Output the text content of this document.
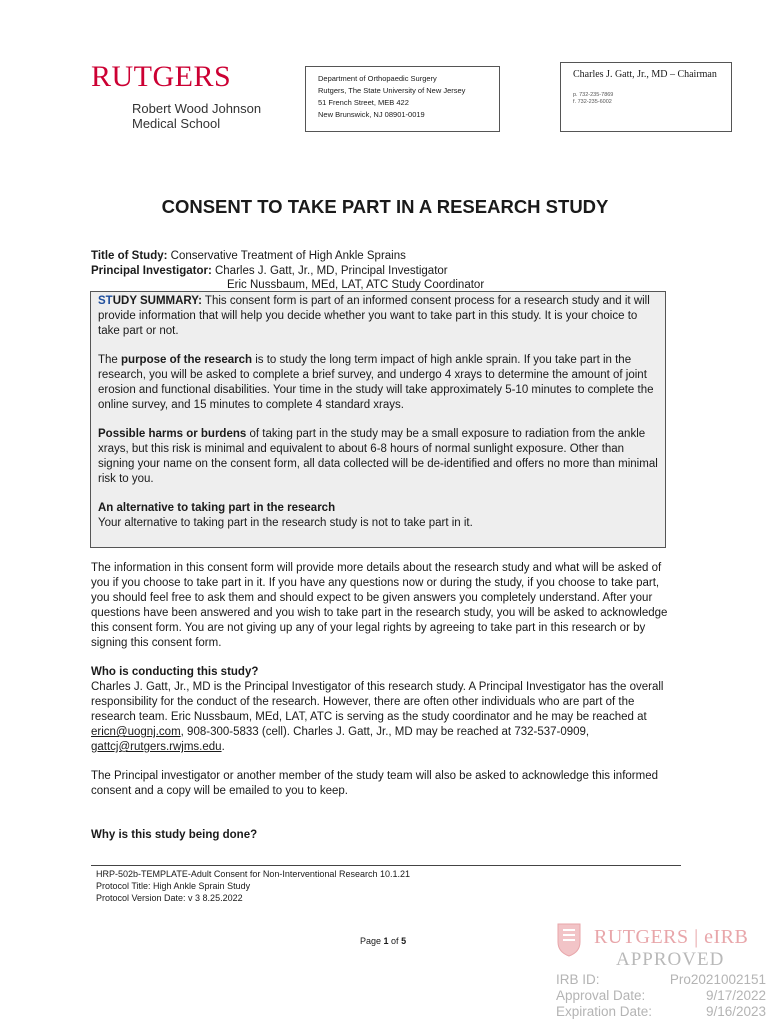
RUTGERS
Robert Wood Johnson
Medical School
Department of Orthopaedic Surgery
Rutgers, The State University of New Jersey
51 French Street, MEB 422
New Brunswick, NJ 08901-0019
Charles J. Gatt, Jr., MD – Chairman
p. 732-235-7869
f. 732-235-6002
CONSENT TO TAKE PART IN A RESEARCH STUDY
Title of Study: Conservative Treatment of High Ankle Sprains
Principal Investigator: Charles J. Gatt, Jr., MD, Principal Investigator
Eric Nussbaum, MEd, LAT, ATC Study Coordinator

STUDY SUMMARY: This consent form is part of an informed consent process for a research study and it will provide information that will help you decide whether you want to take part in this study. It is your choice to take part or not.

The purpose of the research is to study the long term impact of high ankle sprain. If you take part in the research, you will be asked to complete a brief survey, and undergo 4 xrays to determine the amount of joint erosion and functional disabilities. Your time in the study will take approximately 5-10 minutes to complete the online survey, and 15 minutes to complete 4 standard xrays.

Possible harms or burdens of taking part in the study may be a small exposure to radiation from the ankle xrays, but this risk is minimal and equivalent to about 6-8 hours of normal sunlight exposure. Other than signing your name on the consent form, all data collected will be de-identified and offers no more than minimal risk to you.

An alternative to taking part in the research
Your alternative to taking part in the research study is not to take part in it.

The information in this consent form will provide more details about the research study and what will be asked of you if you choose to take part in it. If you have any questions now or during the study, if you choose to take part, you should feel free to ask them and should expect to be given answers you completely understand. After your questions have been answered and you wish to take part in the research study, you will be asked to acknowledge this consent form. You are not giving up any of your legal rights by agreeing to take part in this research or by signing this consent form.

Who is conducting this study?
Charles J. Gatt, Jr., MD is the Principal Investigator of this research study. A Principal Investigator has the overall responsibility for the conduct of the research. However, there are often other individuals who are part of the research team. Eric Nussbaum, MEd, LAT, ATC is serving as the study coordinator and he may be reached at ericn@uognj.com, 908-300-5833 (cell). Charles J. Gatt, Jr., MD may be reached at 732-537-0909, gattcj@rutgers.rwjms.edu.

The Principal investigator or another member of the study team will also be asked to acknowledge this informed consent and a copy will be emailed to you to keep.

Why is this study being done?
HRP-502b-TEMPLATE-Adult Consent for Non-Interventional Research 10.1.21
Protocol Title: High Ankle Sprain Study
Protocol Version Date: v 3 8.25.2022
Page 1 of 5	RUTGERS | eIRB
APPROVED
IRB ID:	Pro2021002151
Approval Date:	9/17/2022
Expiration Date:	9/16/2023
